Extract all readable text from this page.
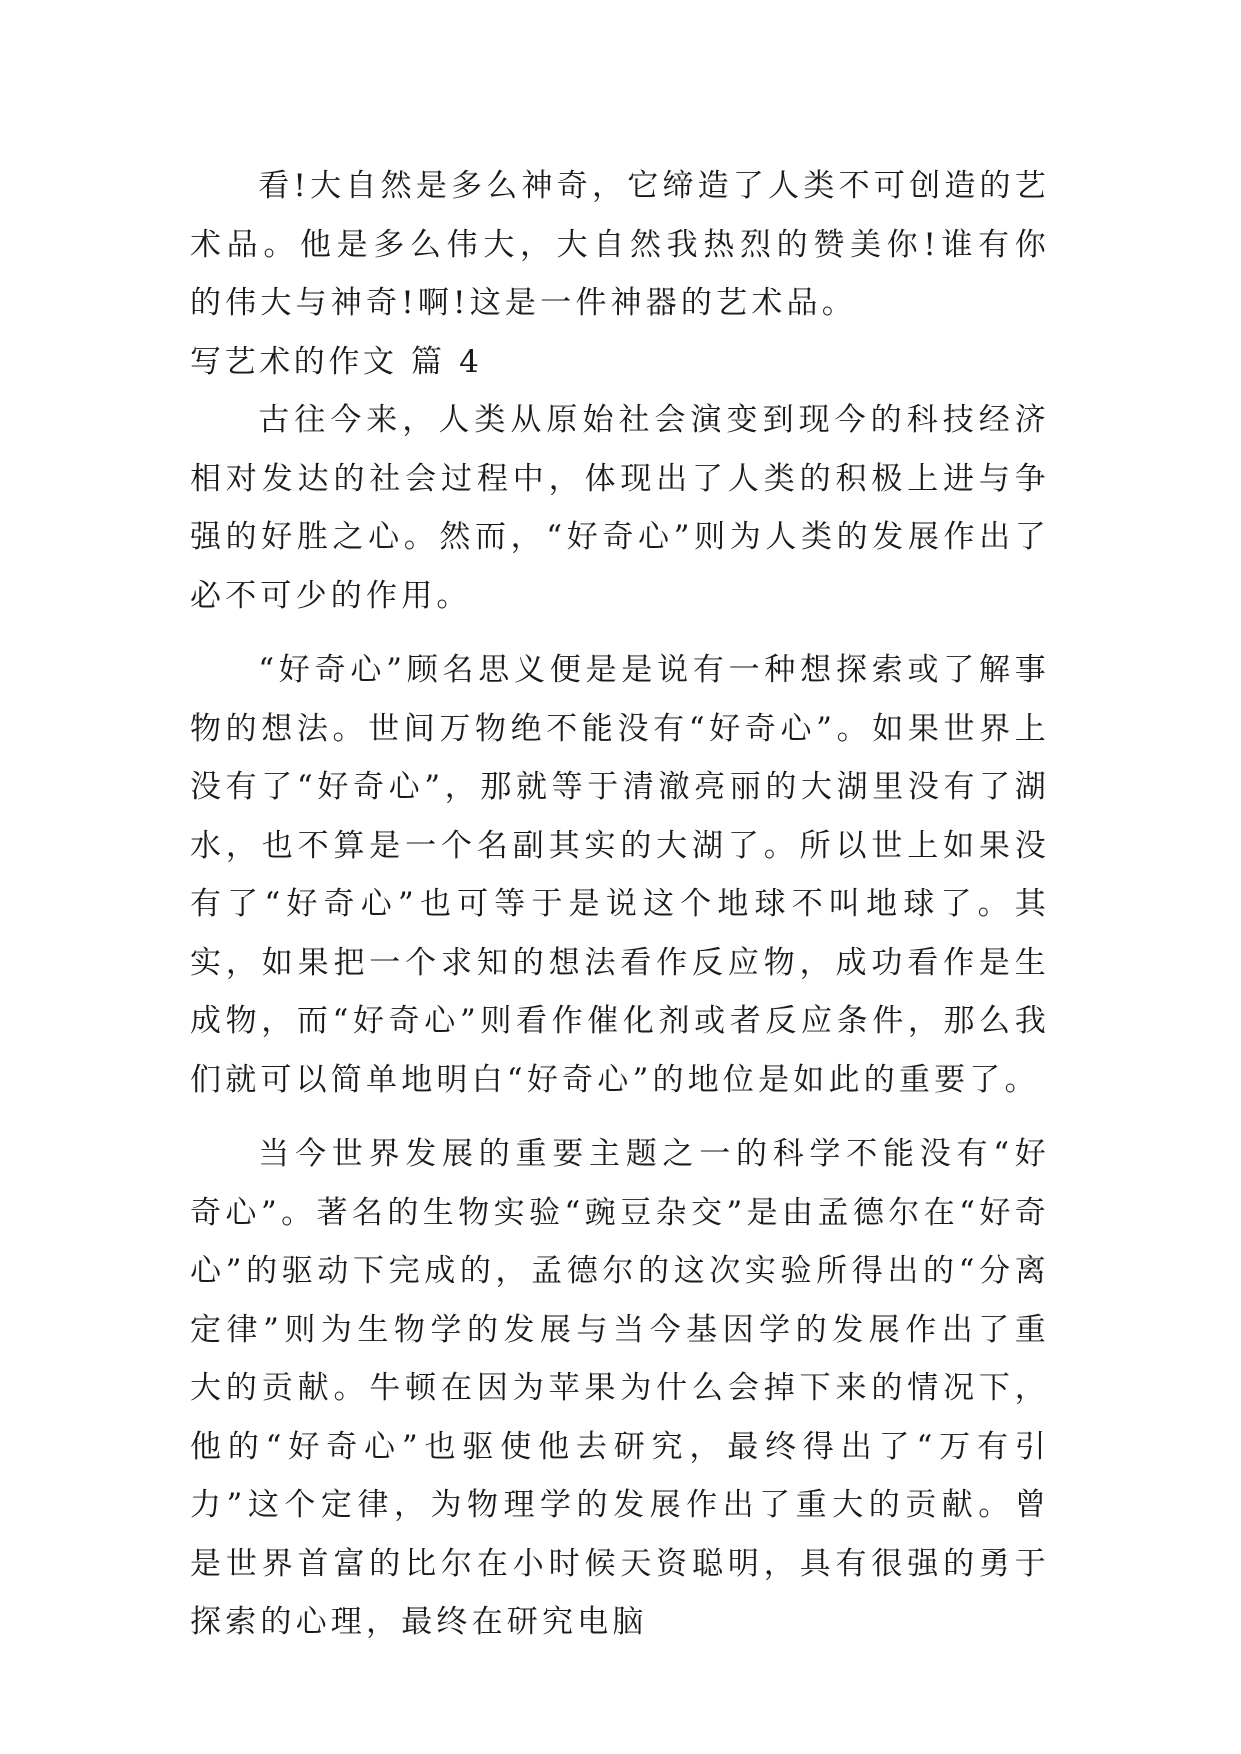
看!大自然是多么神奇，它缔造了人类不可创造的艺术品。他是多么伟大，大自然我热烈的赞美你!谁有你的伟大与神奇!啊!这是一件神器的艺术品。

写艺术的作文 篇 4

古往今来，人类从原始社会演变到现今的科技经济相对发达的社会过程中，体现出了人类的积极上进与争强的好胜之心。然而，“好奇心”则为人类的发展作出了必不可少的作用。

“好奇心”顾名思义便是是说有一种想探索或了解事物的想法。世间万物绝不能没有“好奇心”。如果世界上没有了“好奇心”，那就等于清澈亮丽的大湖里没有了湖水，也不算是一个名副其实的大湖了。所以世上如果没有了“好奇心”也可等于是说这个地球不叫地球了。其实，如果把一个求知的想法看作反应物，成功看作是生成物，而“好奇心”则看作催化剂或者反应条件，那么我们就可以简单地明白“好奇心”的地位是如此的重要了。

当今世界发展的重要主题之一的科学不能没有“好奇心”。著名的生物实验“豌豆杂交”是由孟德尔在“好奇心”的驱动下完成的，孟德尔的这次实验所得出的“分离定律”则为生物学的发展与当今基因学的发展作出了重大的贡献。牛顿在因为苹果为什么会掉下来的情况下，他的“好奇心”也驱使他去研究，最终得出了“万有引力”这个定律，为物理学的发展作出了重大的贡献。曾是世界首富的比尔在小时候天资聪明，具有很强的勇于探索的心理，最终在研究电脑
